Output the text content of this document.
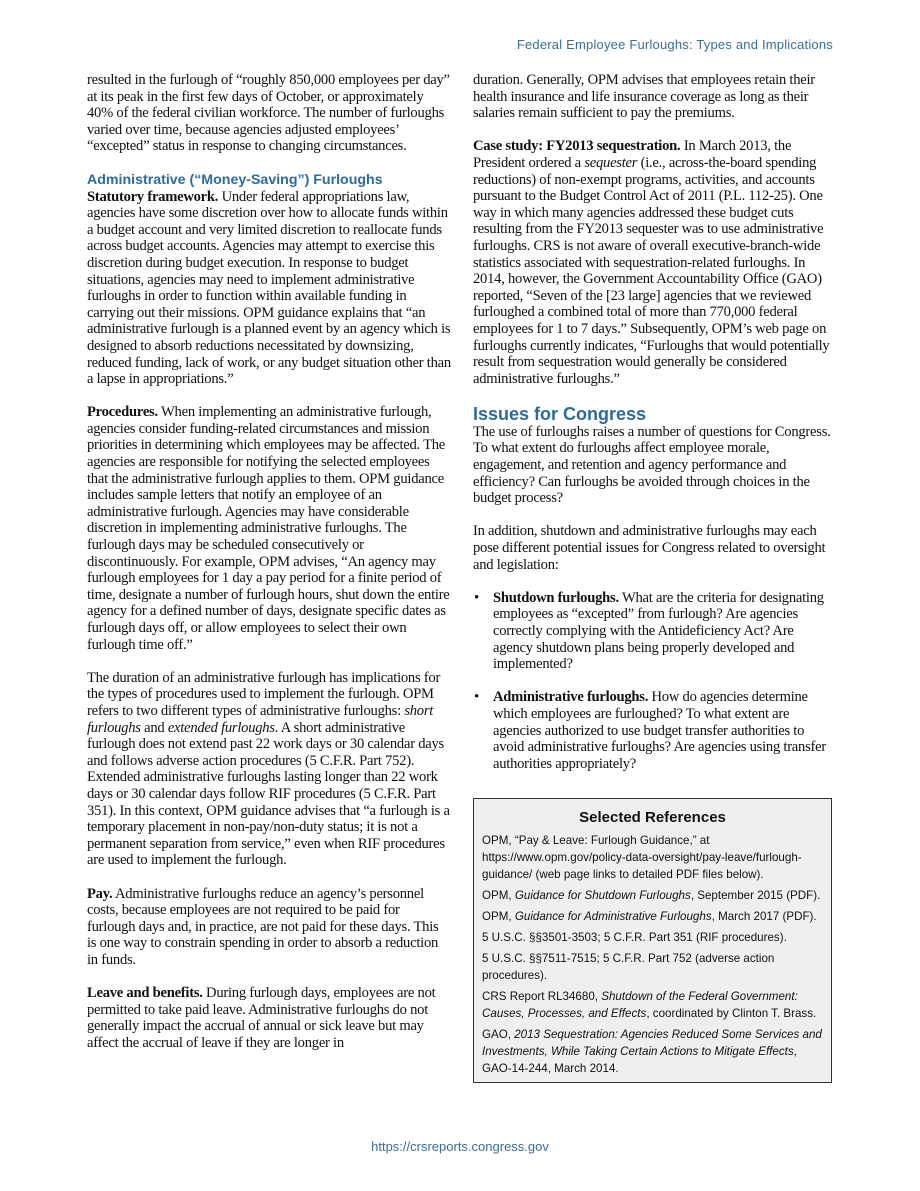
Federal Employee Furloughs: Types and Implications

resulted in the furlough of “roughly 850,000 employees per day” at its peak in the first few days of October, or approximately 40% of the federal civilian workforce. The number of furloughs varied over time, because agencies adjusted employees’ “excepted” status in response to changing circumstances.

Administrative (“Money-Saving”) Furloughs

Statutory framework. Under federal appropriations law, agencies have some discretion over how to allocate funds within a budget account and very limited discretion to reallocate funds across budget accounts. Agencies may attempt to exercise this discretion during budget execution. In response to budget situations, agencies may need to implement administrative furloughs in order to function within available funding in carrying out their missions. OPM guidance explains that “an administrative furlough is a planned event by an agency which is designed to absorb reductions necessitated by downsizing, reduced funding, lack of work, or any budget situation other than a lapse in appropriations.”

Procedures. When implementing an administrative furlough, agencies consider funding-related circumstances and mission priorities in determining which employees may be affected. The agencies are responsible for notifying the selected employees that the administrative furlough applies to them. OPM guidance includes sample letters that notify an employee of an administrative furlough. Agencies may have considerable discretion in implementing administrative furloughs. The furlough days may be scheduled consecutively or discontinuously. For example, OPM advises, “An agency may furlough employees for 1 day a pay period for a finite period of time, designate a number of furlough hours, shut down the entire agency for a defined number of days, designate specific dates as furlough days off, or allow employees to select their own furlough time off.”

The duration of an administrative furlough has implications for the types of procedures used to implement the furlough. OPM refers to two different types of administrative furloughs: short furloughs and extended furloughs. A short administrative furlough does not extend past 22 work days or 30 calendar days and follows adverse action procedures (5 C.F.R. Part 752). Extended administrative furloughs lasting longer than 22 work days or 30 calendar days follow RIF procedures (5 C.F.R. Part 351). In this context, OPM guidance advises that “a furlough is a temporary placement in non-pay/non-duty status; it is not a permanent separation from service,” even when RIF procedures are used to implement the furlough.

Pay. Administrative furloughs reduce an agency’s personnel costs, because employees are not required to be paid for furlough days and, in practice, are not paid for these days. This is one way to constrain spending in order to absorb a reduction in funds.

Leave and benefits. During furlough days, employees are not permitted to take paid leave. Administrative furloughs do not generally impact the accrual of annual or sick leave but may affect the accrual of leave if they are longer in

duration. Generally, OPM advises that employees retain their health insurance and life insurance coverage as long as their salaries remain sufficient to pay the premiums.

Case study: FY2013 sequestration. In March 2013, the President ordered a sequester (i.e., across-the-board spending reductions) of non-exempt programs, activities, and accounts pursuant to the Budget Control Act of 2011 (P.L. 112-25). One way in which many agencies addressed these budget cuts resulting from the FY2013 sequester was to use administrative furloughs. CRS is not aware of overall executive-branch-wide statistics associated with sequestration-related furloughs. In 2014, however, the Government Accountability Office (GAO) reported, “Seven of the [23 large] agencies that we reviewed furloughed a combined total of more than 770,000 federal employees for 1 to 7 days.” Subsequently, OPM’s web page on furloughs currently indicates, “Furloughs that would potentially result from sequestration would generally be considered administrative furloughs.”

Issues for Congress

The use of furloughs raises a number of questions for Congress. To what extent do furloughs affect employee morale, engagement, and retention and agency performance and efficiency? Can furloughs be avoided through choices in the budget process?

In addition, shutdown and administrative furloughs may each pose different potential issues for Congress related to oversight and legislation:

• Shutdown furloughs. What are the criteria for designating employees as “excepted” from furlough? Are agencies correctly complying with the Antideficiency Act? Are agency shutdown plans being properly developed and implemented?
• Administrative furloughs. How do agencies determine which employees are furloughed? To what extent are agencies authorized to use budget transfer authorities to avoid administrative furloughs? Are agencies using transfer authorities appropriately?
Selected References
OPM, “Pay & Leave: Furlough Guidance,” at https://www.opm.gov/policy-data-oversight/pay-leave/furlough-guidance/ (web page links to detailed PDF files below).
OPM, Guidance for Shutdown Furloughs, September 2015 (PDF).
OPM, Guidance for Administrative Furloughs, March 2017 (PDF).
5 U.S.C. §§3501-3503; 5 C.F.R. Part 351 (RIF procedures).
5 U.S.C. §§7511-7515; 5 C.F.R. Part 752 (adverse action procedures).
CRS Report RL34680, Shutdown of the Federal Government: Causes, Processes, and Effects, coordinated by Clinton T. Brass.
GAO, 2013 Sequestration: Agencies Reduced Some Services and Investments, While Taking Certain Actions to Mitigate Effects, GAO-14-244, March 2014.
https://crsreports.congress.gov
